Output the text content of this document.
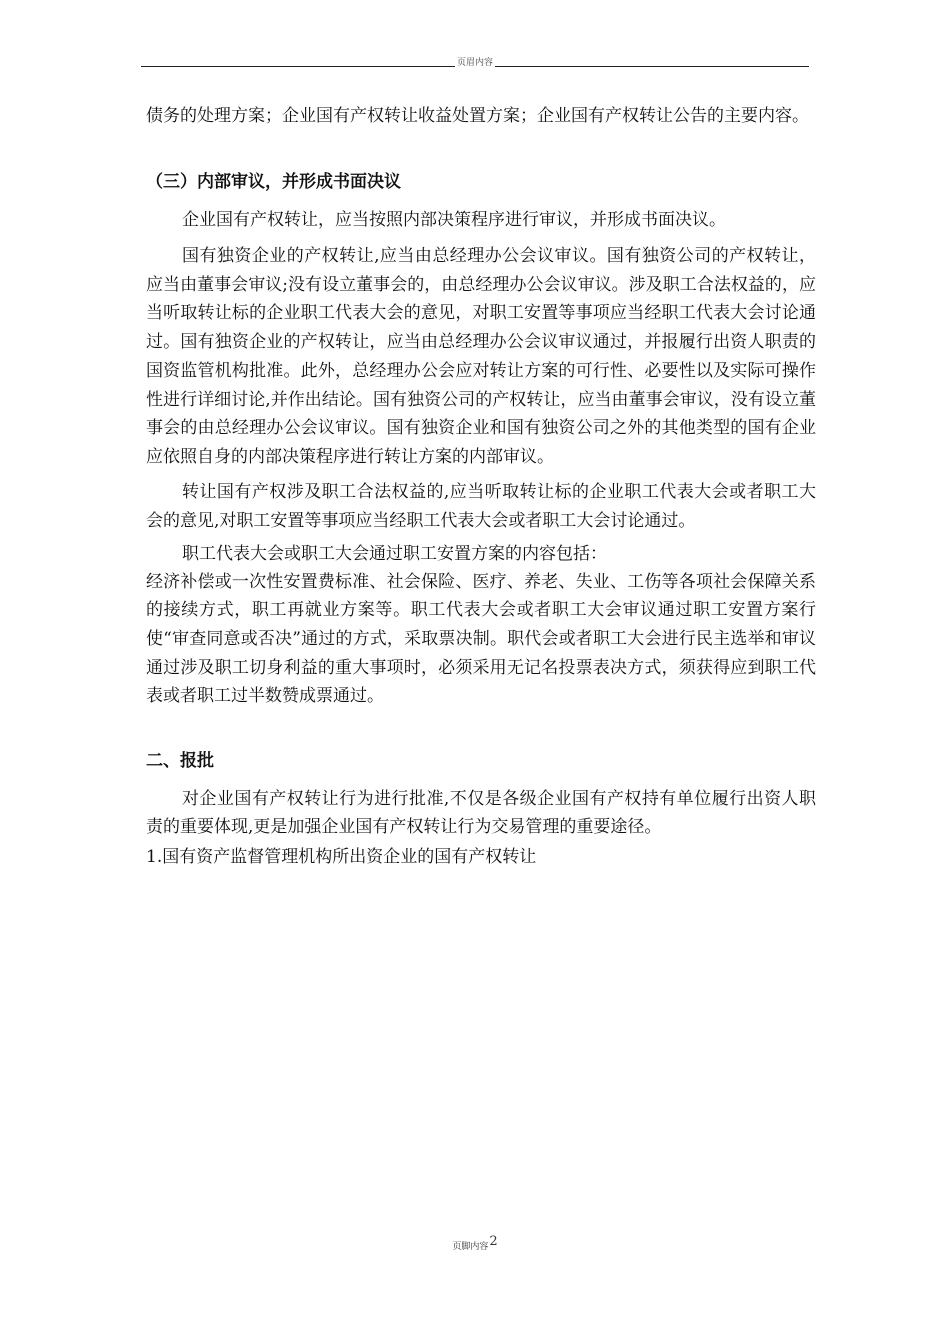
页眉内容

债务的处理方案；企业国有产权转让收益处置方案；企业国有产权转让公告的主要内容。

（三）内部审议，并形成书面决议

企业国有产权转让，应当按照内部决策程序进行审议，并形成书面决议。

国有独资企业的产权转让,应当由总经理办公会议审议。国有独资公司的产权转让，应当由董事会审议;没有设立董事会的，由总经理办公会议审议。涉及职工合法权益的，应当听取转让标的企业职工代表大会的意见，对职工安置等事项应当经职工代表大会讨论通过。国有独资企业的产权转让，应当由总经理办公会议审议通过，并报履行出资人职责的国资监管机构批准。此外，总经理办公会应对转让方案的可行性、必要性以及实际可操作性进行详细讨论,并作出结论。国有独资公司的产权转让，应当由董事会审议，没有设立董事会的由总经理办公会议审议。国有独资企业和国有独资公司之外的其他类型的国有企业应依照自身的内部决策程序进行转让方案的内部审议。

转让国有产权涉及职工合法权益的,应当听取转让标的企业职工代表大会或者职工大会的意见,对职工安置等事项应当经职工代表大会或者职工大会讨论通过。

职工代表大会或职工大会通过职工安置方案的内容包括：

经济补偿或一次性安置费标准、社会保险、医疗、养老、失业、工伤等各项社会保障关系的接续方式，职工再就业方案等。职工代表大会或者职工大会审议通过职工安置方案行使“审查同意或否决”通过的方式，采取票决制。职代会或者职工大会进行民主选举和审议通过涉及职工切身利益的重大事项时，必须采用无记名投票表决方式，须获得应到职工代表或者职工过半数赞成票通过。

二、报批

对企业国有产权转让行为进行批准,不仅是各级企业国有产权持有单位履行出资人职责的重要体现,更是加强企业国有产权转让行为交易管理的重要途径。

1.国有资产监督管理机构所出资企业的国有产权转让

页脚内容2
